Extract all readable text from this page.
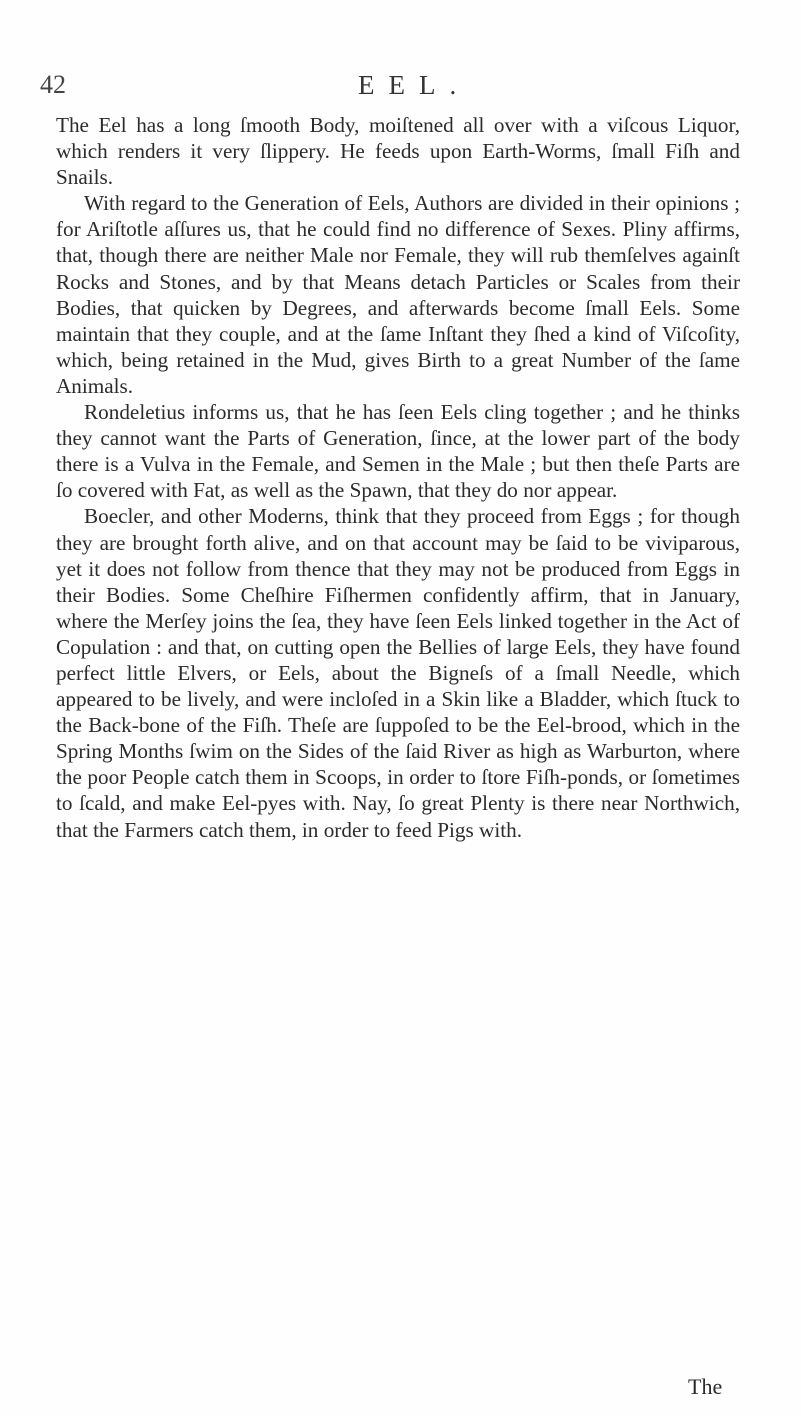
42	EEL.

The Eel has a long ſmooth Body, moiſtened all over with a viſcous Liquor, which renders it very ſlippery. He feeds upon Earth-Worms, ſmall Fiſh and Snails.

With regard to the Generation of Eels, Authors are divided in their opinions ; for Ariſtotle aſſures us, that he could find no difference of Sexes. Pliny affirms, that, though there are neither Male nor Female, they will rub themſelves againſt Rocks and Stones, and by that Means detach Particles or Scales from their Bodies, that quicken by Degrees, and afterwards become ſmall Eels. Some maintain that they couple, and at the ſame Inſtant they ſhed a kind of Viſcoſity, which, being retained in the Mud, gives Birth to a great Number of the ſame Animals.

Rondeletius informs us, that he has ſeen Eels cling together ; and he thinks they cannot want the Parts of Generation, ſince, at the lower part of the body there is a Vulva in the Female, and Semen in the Male ; but then theſe Parts are ſo covered with Fat, as well as the Spawn, that they do nor appear.

Boecler, and other Moderns, think that they proceed from Eggs ; for though they are brought forth alive, and on that account may be ſaid to be viviparous, yet it does not follow from thence that they may not be produced from Eggs in their Bodies. Some Cheſhire Fiſhermen confidently affirm, that in January, where the Merſey joins the ſea, they have ſeen Eels linked together in the Act of Copulation : and that, on cutting open the Bellies of large Eels, they have found perfect little Elvers, or Eels, about the Bigneſs of a ſmall Needle, which appeared to be lively, and were incloſed in a Skin like a Bladder, which ſtuck to the Back-bone of the Fiſh. Theſe are ſuppoſed to be the Eel-brood, which in the Spring Months ſwim on the Sides of the ſaid River as high as Warburton, where the poor People catch them in Scoops, in order to ſtore Fiſh-ponds, or ſometimes to ſcald, and make Eel-pyes with. Nay, ſo great Plenty is there near Northwich, that the Farmers catch them, in order to feed Pigs with.

The
